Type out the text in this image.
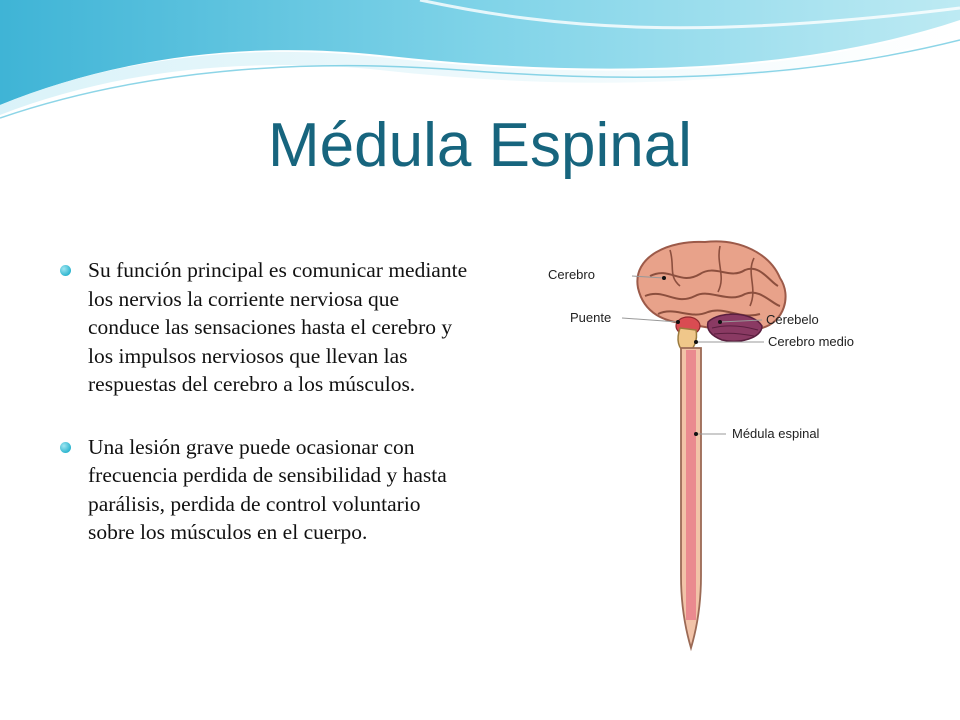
Médula Espinal
Su función principal es comunicar mediante los nervios la corriente nerviosa que conduce las sensaciones hasta el cerebro y los impulsos nerviosos que llevan las respuestas del cerebro a los músculos.
Una lesión grave puede ocasionar con frecuencia perdida de sensibilidad y hasta parálisis, perdida de control voluntario sobre los músculos en el cuerpo.
Cerebro
Puente	Cerebelo
Cerebro medio
Médula espinal
